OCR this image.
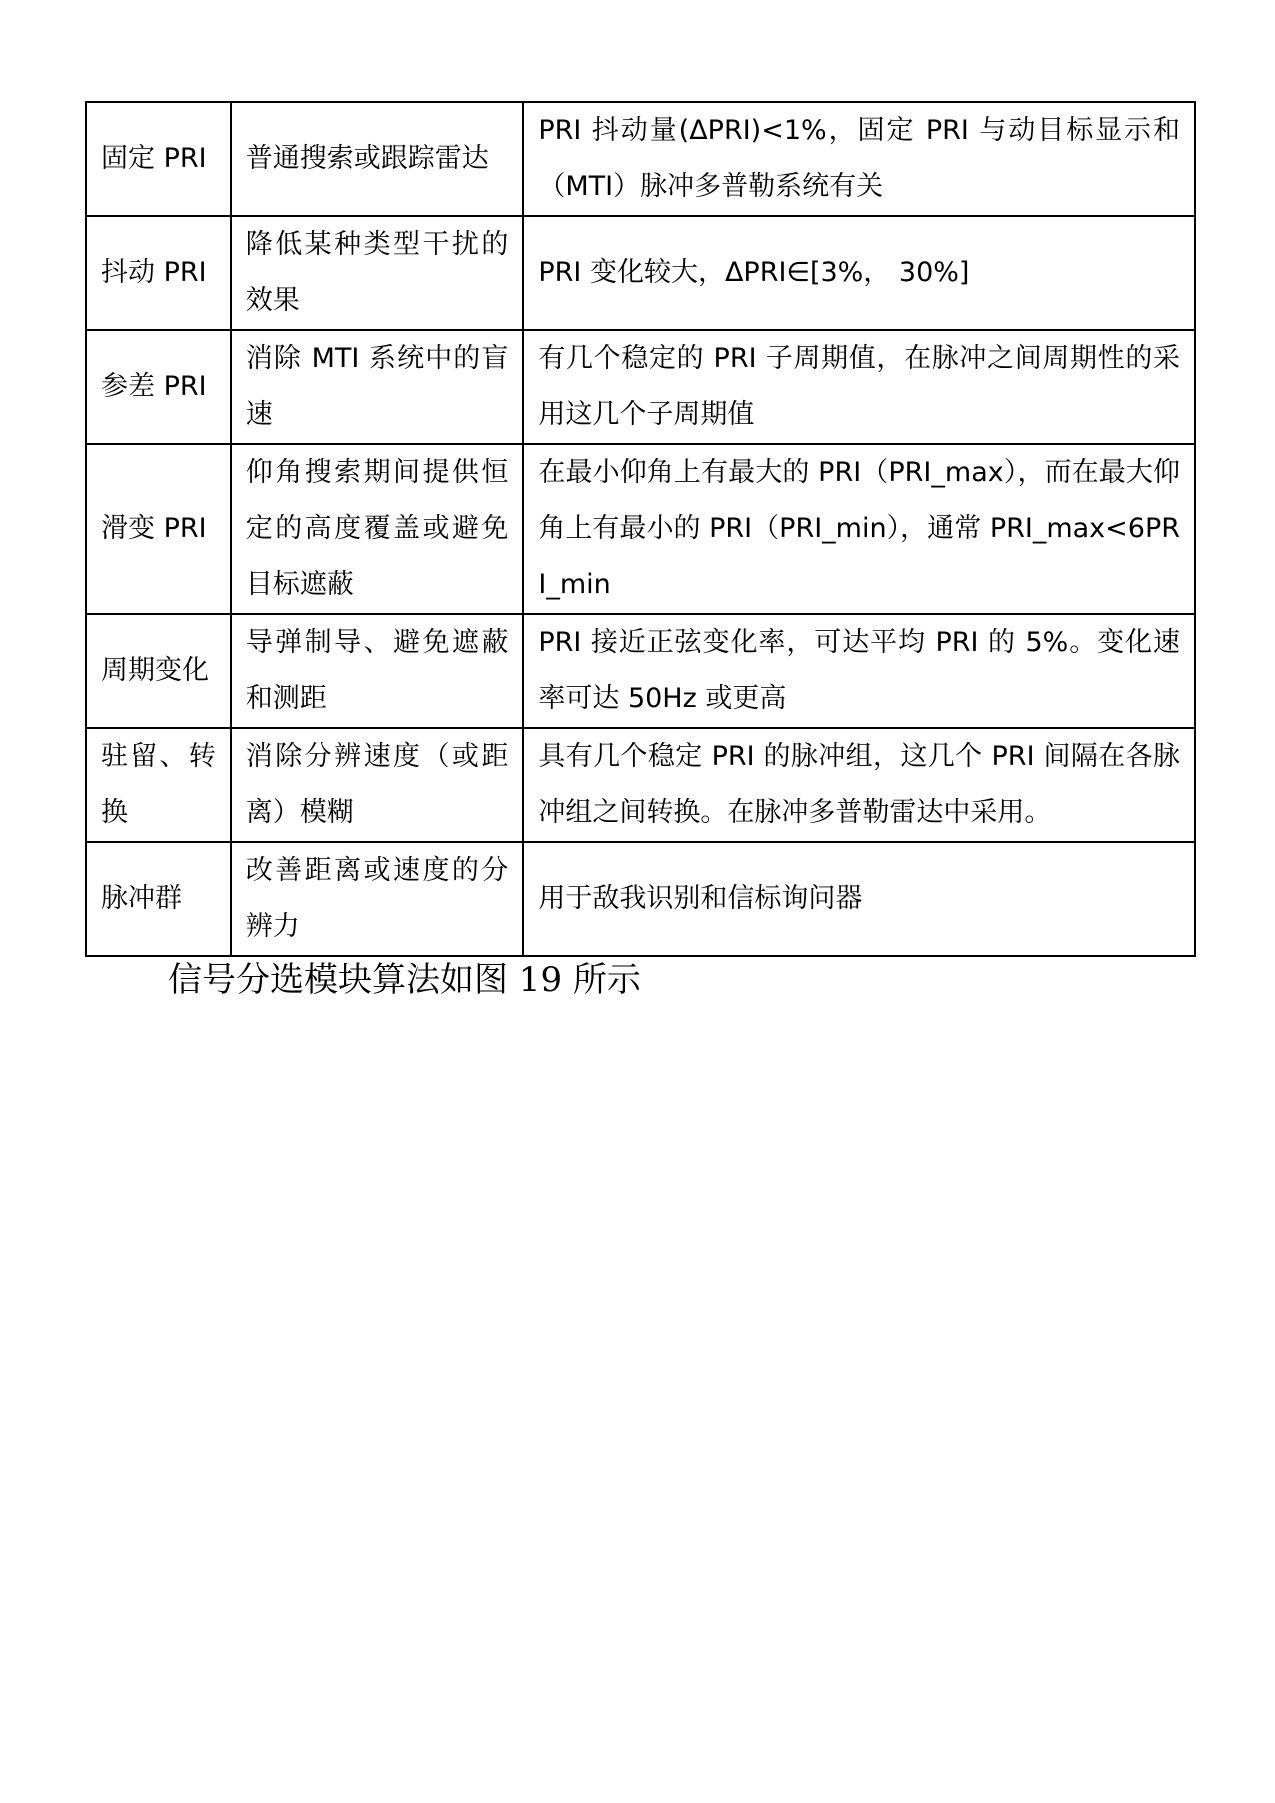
固定 PRI	普通搜索或跟踪雷达	PRI 抖动量(ΔPRI)<1%，固定 PRI 与动目标显示和（MTI）脉冲多普勒系统有关
抖动 PRI	降低某种类型干扰的效果	PRI 变化较大，ΔPRI∈[3%， 30%]
参差 PRI	消除 MTI 系统中的盲速	有几个稳定的 PRI 子周期值，在脉冲之间周期性的采用这几个子周期值
滑变 PRI	仰角搜索期间提供恒定的高度覆盖或避免目标遮蔽	在最小仰角上有最大的 PRI（PRI_max），而在最大仰角上有最小的 PRI（PRI_min），通常 PRI_max<6PRI_min
周期变化	导弹制导、避免遮蔽和测距	PRI 接近正弦变化率，可达平均 PRI 的 5%。变化速率可达 50Hz 或更高
驻留、转换	消除分辨速度（或距离）模糊	具有几个稳定 PRI 的脉冲组，这几个 PRI 间隔在各脉冲组之间转换。在脉冲多普勒雷达中采用。
脉冲群	改善距离或速度的分辨力	用于敌我识别和信标询问器
信号分选模块算法如图 19 所示
